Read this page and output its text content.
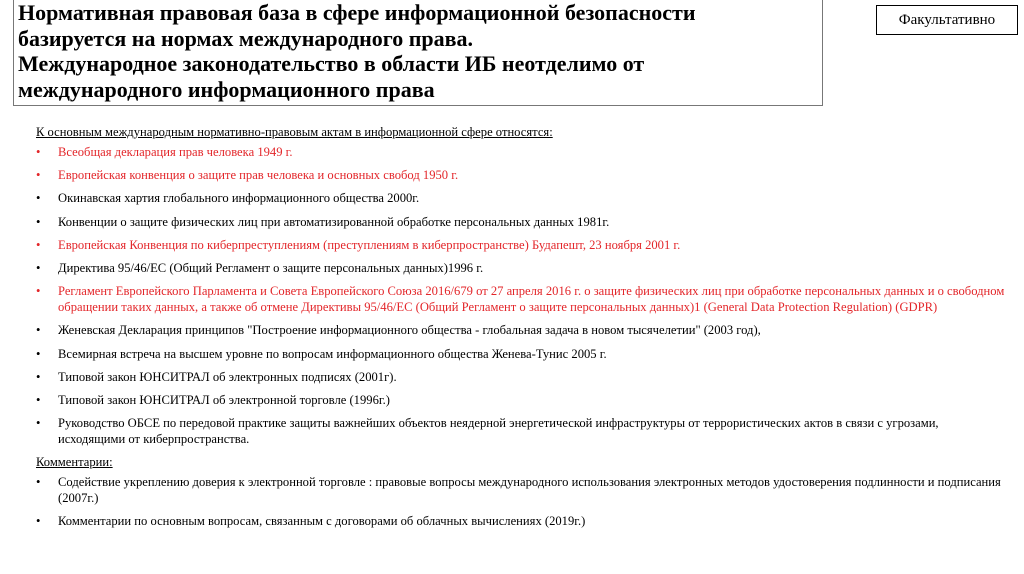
Нормативная правовая база в сфере информационной безопасности
базируется на нормах международного права.
Международное законодательство в области ИБ неотделимо от
международного информационного права
Факультативно
К основным международным нормативно-правовым актам в информационной сфере относятся:
• Всеобщая декларация прав человека 1949 г.
• Европейская конвенция о защите прав человека и основных свобод 1950 г.
• Окинавская хартия глобального информационного общества 2000г.
• Конвенции о защите физических лиц при автоматизированной обработке персональных данных 1981г.
• Европейская Конвенция по киберпреступлениям (преступлениям в киберпространстве) Будапешт, 23 ноября 2001 г.
• Директива 95/46/ЕС (Общий Регламент о защите персональных данных)1996 г.
• Регламент Европейского Парламента и Совета Европейского Союза 2016/679 от 27 апреля 2016 г. о защите физических лиц при обработке персональных данных и о свободном обращении таких данных, а также об отмене Директивы 95/46/ЕС (Общий Регламент о защите персональных данных)1 (General Data Protection Regulation) (GDPR)
• Женевская Декларация принципов "Построение информационного общества - глобальная задача в новом тысячелетии" (2003 год),
• Всемирная встреча на высшем уровне по вопросам информационного общества Женева-Тунис 2005 г.
• Типовой закон ЮНСИТРАЛ об электронных подписях (2001г).
• Типовой закон ЮНСИТРАЛ об электронной торговле (1996г.)
• Руководство ОБСЕ по передовой практике защиты важнейших объектов неядерной энергетической инфраструктуры от террористических актов в связи с угрозами, исходящими от киберпространства.
Комментарии:
• Содействие укреплению доверия к электронной торговле : правовые вопросы международного использования электронных методов удостоверения подлинности и подписания (2007г.)
• Комментарии по основным вопросам, связанным с договорами об облачных вычислениях (2019г.)
